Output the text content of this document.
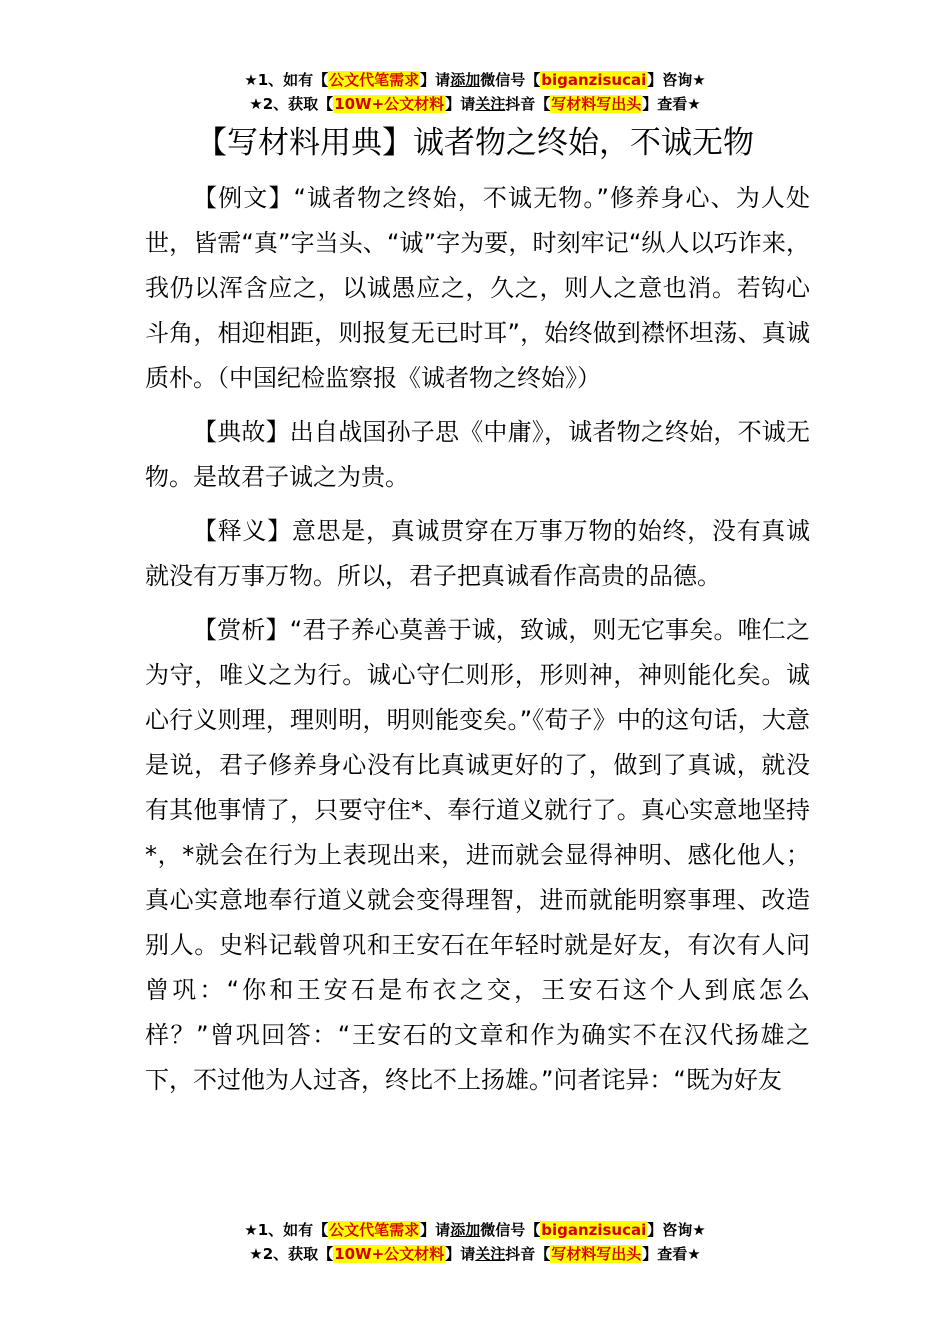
★1、如有【公文代笔需求】请添加微信号【biganzisucai】咨询★
★2、获取【10W+公文材料】请关注抖音【写材料写出头】查看★
【写材料用典】诚者物之终始，不诚无物

【例文】“诚者物之终始，不诚无物。”修养身心、为人处世，皆需“真”字当头、“诚”字为要，时刻牢记“纵人以巧诈来，我仍以浑含应之，以诚愚应之，久之，则人之意也消。若钩心斗角，相迎相距，则报复无已时耳”，始终做到襟怀坦荡、真诚质朴。（中国纪检监察报《诚者物之终始》）

【典故】出自战国孙子思《中庸》，诚者物之终始，不诚无物。是故君子诚之为贵。

【释义】意思是，真诚贯穿在万事万物的始终，没有真诚就没有万事万物。所以，君子把真诚看作高贵的品德。

【赏析】“君子养心莫善于诚，致诚，则无它事矣。唯仁之为守，唯义之为行。诚心守仁则形，形则神，神则能化矣。诚心行义则理，理则明，明则能变矣。”《荀子》中的这句话，大意是说，君子修养身心没有比真诚更好的了，做到了真诚，就没有其他事情了，只要守住*、奉行道义就行了。真心实意地坚持*，*就会在行为上表现出来，进而就会显得神明、感化他人；真心实意地奉行道义就会变得理智，进而就能明察事理、改造别人。史料记载曾巩和王安石在年轻时就是好友，有次有人问曾巩：“你和王安石是布衣之交，王安石这个人到底怎么样？”曾巩回答：“王安石的文章和作为确实不在汉代扬雄之下，不过他为人过吝，终比不上扬雄。”问者诧异：“既为好友

★1、如有【公文代笔需求】请添加微信号【biganzisucai】咨询★
★2、获取【10W+公文材料】请关注抖音【写材料写出头】查看★
